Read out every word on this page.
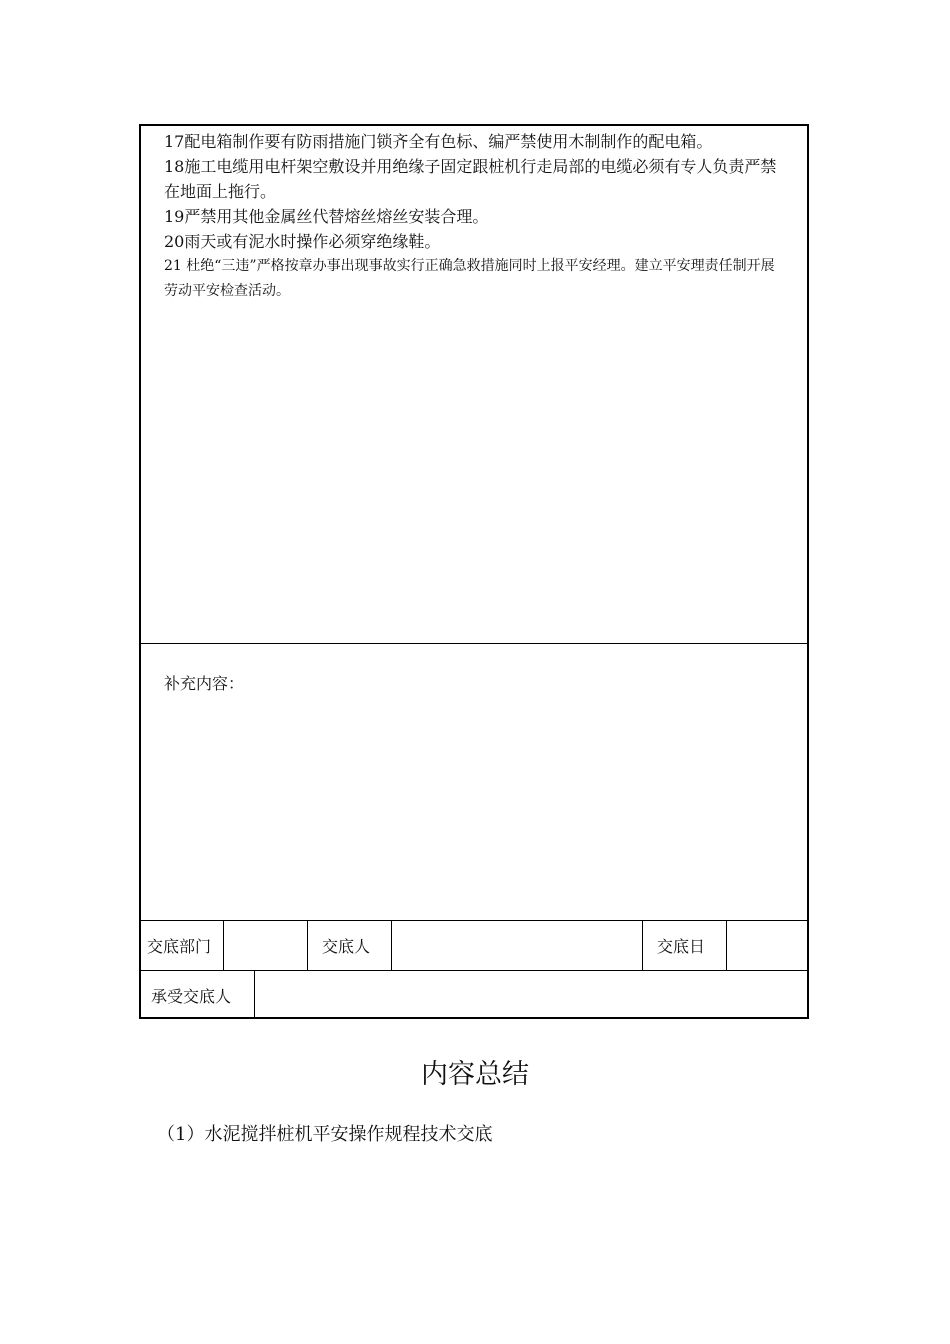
17配电箱制作要有防雨措施门锁齐全有色标、编严禁使用木制制作的配电箱。

18施工电缆用电杆架空敷设并用绝缘子固定跟桩机行走局部的电缆必须有专人负责严禁在地面上拖行。

19严禁用其他金属丝代替熔丝熔丝安装合理。

20雨天或有泥水时操作必须穿绝缘鞋。

21 杜绝“三违”严格按章办事出现事故实行正确急救措施同时上报平安经理。建立平安理责任制开展劳动平安检查活动。

补充内容：
交底部门	交底人	交底日
承受交底人
内容总结
（1）水泥搅拌桩机平安操作规程技术交底
